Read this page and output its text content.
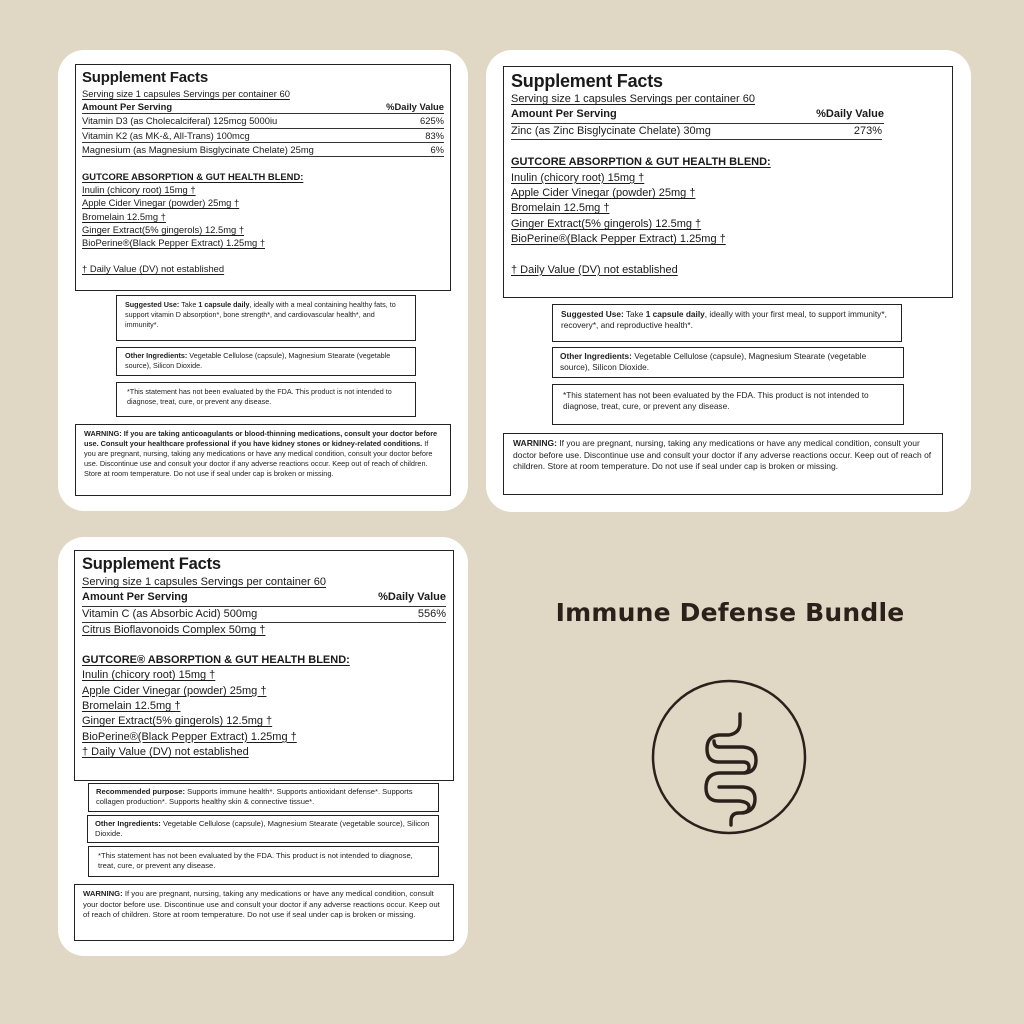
Supplement Facts
Serving size 1 capsules Servings per container 60
Amount Per Serving	%Daily Value
Vitamin D3 (as Cholecalciferal) 125mcg 5000iu	625%
Vitamin K2 (as MK-&, All-Trans) 100mcg	83%
Magnesium (as Magnesium Bisglycinate Chelate) 25mg	6%
GUTCORE ABSORPTION & GUT HEALTH BLEND:
Inulin (chicory root) 15mg †
Apple Cider Vinegar (powder) 25mg †
Bromelain 12.5mg †
Ginger Extract(5% gingerols) 12.5mg †
BioPerine®(Black Pepper Extract) 1.25mg †
† Daily Value (DV) not established
Suggested Use: Take 1 capsule daily, ideally with a meal containing healthy fats, to support vitamin D absorption*, bone strength*, and cardiovascular health*, and immunity*.
Other Ingredients: Vegetable Cellulose (capsule), Magnesium Stearate (vegetable source), Silicon Dioxide.
*This statement has not been evaluated by the FDA. This product is not intended to diagnose, treat, cure, or prevent any disease.
WARNING: If you are taking anticoagulants or blood-thinning medications, consult your doctor before use. Consult your healthcare professional if you have kidney stones or kidney-related conditions. If you are pregnant, nursing, taking any medications or have any medical condition, consult your doctor before use. Discontinue use and consult your doctor if any adverse reactions occur. Keep out of reach of children. Store at room temperature. Do not use if seal under cap is broken or missing.
Supplement Facts
Serving size 1 capsules Servings per container 60
Amount Per Serving	%Daily Value
Zinc (as Zinc Bisglycinate Chelate) 30mg	273%
GUTCORE ABSORPTION & GUT HEALTH BLEND:
Inulin (chicory root) 15mg †
Apple Cider Vinegar (powder) 25mg †
Bromelain 12.5mg †
Ginger Extract(5% gingerols) 12.5mg †
BioPerine®(Black Pepper Extract) 1.25mg †
† Daily Value (DV) not established
Suggested Use: Take 1 capsule daily, ideally with your first meal, to support immunity*, recovery*, and reproductive health*.
Other Ingredients: Vegetable Cellulose (capsule), Magnesium Stearate (vegetable source), Silicon Dioxide.
*This statement has not been evaluated by the FDA. This product is not intended to diagnose, treat, cure, or prevent any disease.
WARNING: If you are pregnant, nursing, taking any medications or have any medical condition, consult your doctor before use. Discontinue use and consult your doctor if any adverse reactions occur. Keep out of reach of children. Store at room temperature. Do not use if seal under cap is broken or missing.
Supplement Facts
Serving size 1 capsules Servings per container 60
Amount Per Serving	%Daily Value
Vitamin C (as Absorbic Acid) 500mg	556%
Citrus Bioflavonoids Complex 50mg †
GUTCORE® ABSORPTION & GUT HEALTH BLEND:
Inulin (chicory root) 15mg †
Apple Cider Vinegar (powder) 25mg †
Bromelain 12.5mg †
Ginger Extract(5% gingerols) 12.5mg †
BioPerine®(Black Pepper Extract) 1.25mg †
† Daily Value (DV) not established
Recommended purpose: Supports immune health*. Supports antioxidant defense*. Supports collagen production*. Supports healthy skin & connective tissue*.
Other Ingredients: Vegetable Cellulose (capsule), Magnesium Stearate (vegetable source), Silicon Dioxide.
*This statement has not been evaluated by the FDA. This product is not intended to diagnose, treat, cure, or prevent any disease.
WARNING: If you are pregnant, nursing, taking any medications or have any medical condition, consult your doctor before use. Discontinue use and consult your doctor if any adverse reactions occur. Keep out of reach of children. Store at room temperature. Do not use if seal under cap is broken or missing.
Immune Defense Bundle
